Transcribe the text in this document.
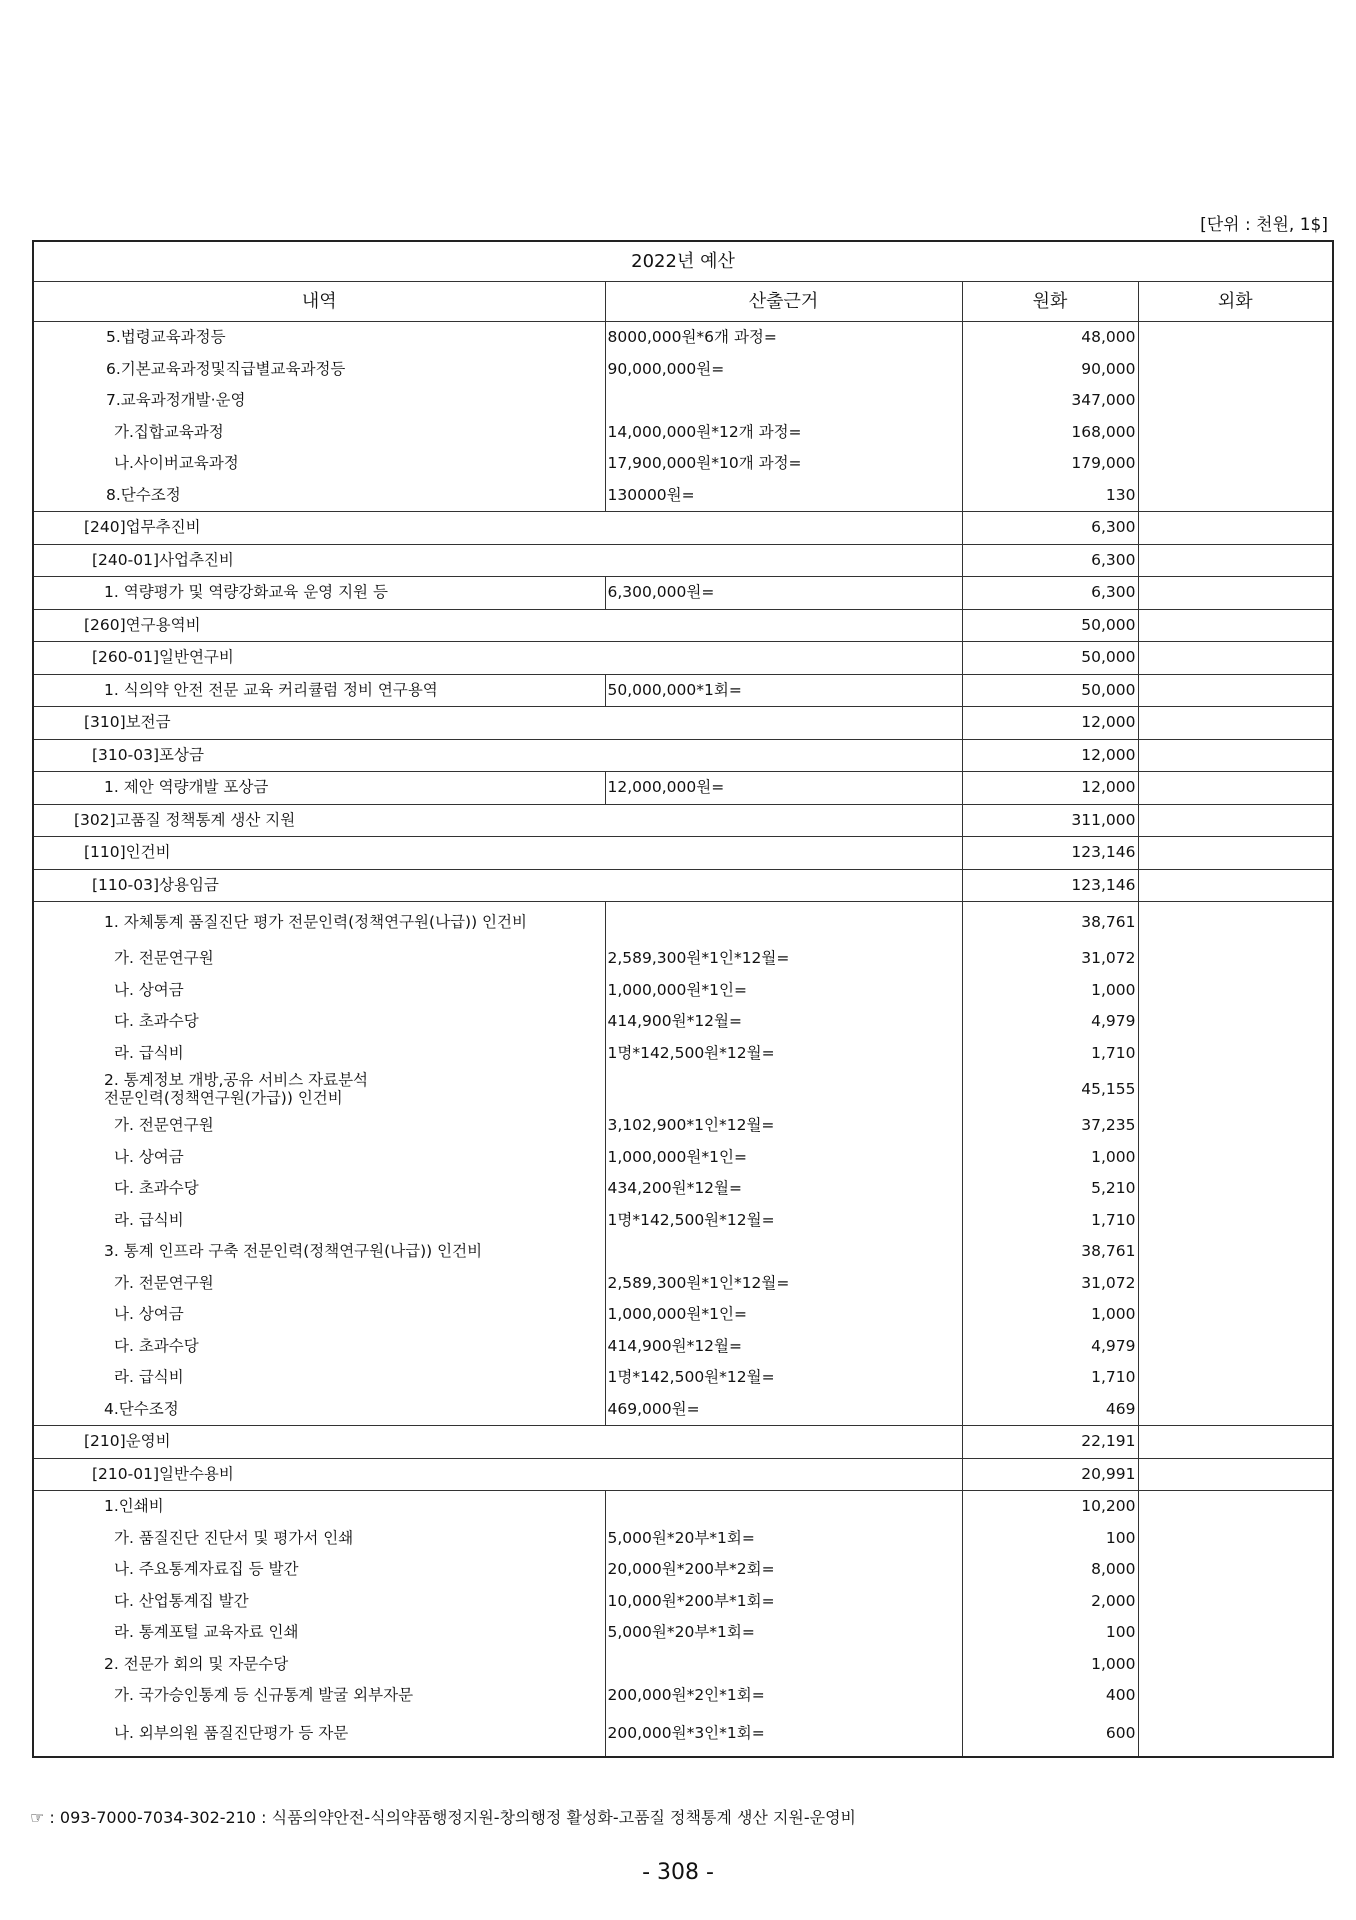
[단위 : 천원, 1$]
2022년 예산			
내역	산출근거	원화	외화
5.법령교육과정등	8000,000원*6개 과정=	48,000	
6.기본교육과정및직급별교육과정등	90,000,000원=	90,000	
7.교육과정개발·운영		347,000	
가.집합교육과정	14,000,000원*12개 과정=	168,000	
나.사이버교육과정	17,900,000원*10개 과정=	179,000	
8.단수조정	130000원=	130	
[240]업무추진비		6,300	
[240-01]사업추진비		6,300	
1. 역량평가 및 역량강화교육 운영 지원 등	6,300,000원=	6,300	
[260]연구용역비		50,000	
[260-01]일반연구비		50,000	
1. 식의약 안전 전문 교육 커리큘럼 정비 연구용역	50,000,000*1회=	50,000	
[310]보전금		12,000	
[310-03]포상금		12,000	
1. 제안 역량개발 포상금	12,000,000원=	12,000	
[302]고품질 정책통계 생산 지원		311,000	
[110]인건비		123,146	
[110-03]상용임금		123,146	
1. 자체통계 품질진단 평가 전문인력(정책연구원(나급)) 인건비		38,761	
가. 전문연구원	2,589,300원*1인*12월=	31,072	
나. 상여금	1,000,000원*1인=	1,000	
다. 초과수당	414,900원*12월=	4,979	
라. 급식비	1명*142,500원*12월=	1,710	
2. 통계정보 개방,공유 서비스 자료분석
전문인력(정책연구원(가급)) 인건비		45,155	
가. 전문연구원	3,102,900*1인*12월=	37,235	
나. 상여금	1,000,000원*1인=	1,000	
다. 초과수당	434,200원*12월=	5,210	
라. 급식비	1명*142,500원*12월=	1,710	
3. 통계 인프라 구축 전문인력(정책연구원(나급)) 인건비		38,761	
가. 전문연구원	2,589,300원*1인*12월=	31,072	
나. 상여금	1,000,000원*1인=	1,000	
다. 초과수당	414,900원*12월=	4,979	
라. 급식비	1명*142,500원*12월=	1,710	
4.단수조정	469,000원=	469	
[210]운영비		22,191	
[210-01]일반수용비		20,991	
1.인쇄비		10,200	
가. 품질진단 진단서 및 평가서 인쇄	5,000원*20부*1회=	100	
나. 주요통계자료집 등 발간	20,000원*200부*2회=	8,000	
다. 산업통계집 발간	10,000원*200부*1회=	2,000	
라. 통계포털 교육자료 인쇄	5,000원*20부*1회=	100	
2. 전문가 회의 및 자문수당		1,000	
가. 국가승인통계 등 신규통계 발굴 외부자문	200,000원*2인*1회=	400	
나. 외부의원 품질진단평가 등 자문	200,000원*3인*1회=	600	
☞ : 093-7000-7034-302-210 : 식품의약안전-식의약품행정지원-창의행정 활성화-고품질 정책통계 생산 지원-운영비
- 308 -
